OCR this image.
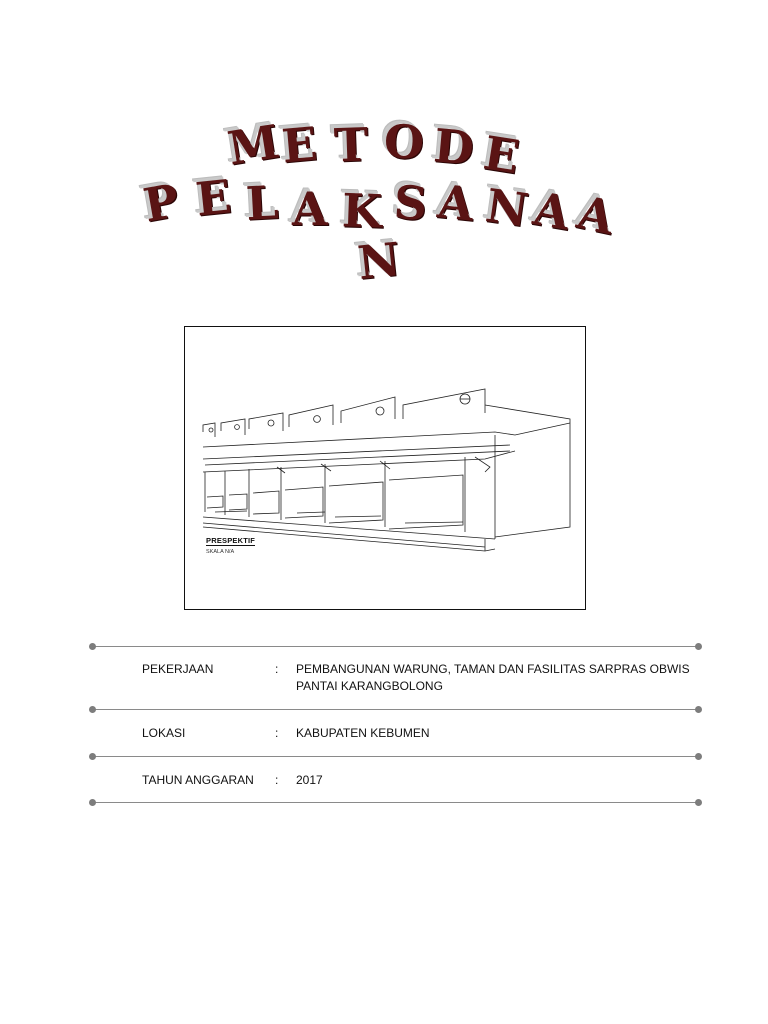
M
E T O D E
P E L A K S A N
A
A
N
PRESPEKTIF
SKALA N/A
PEKERJAAN	: PEMBANGUNAN WARUNG, TAMAN DAN FASILITAS SARPRAS OBWIS
PANTAI KARANGBOLONG
LOKASI	: KABUPATEN KEBUMEN
TAHUN ANGGARAN : 2017
